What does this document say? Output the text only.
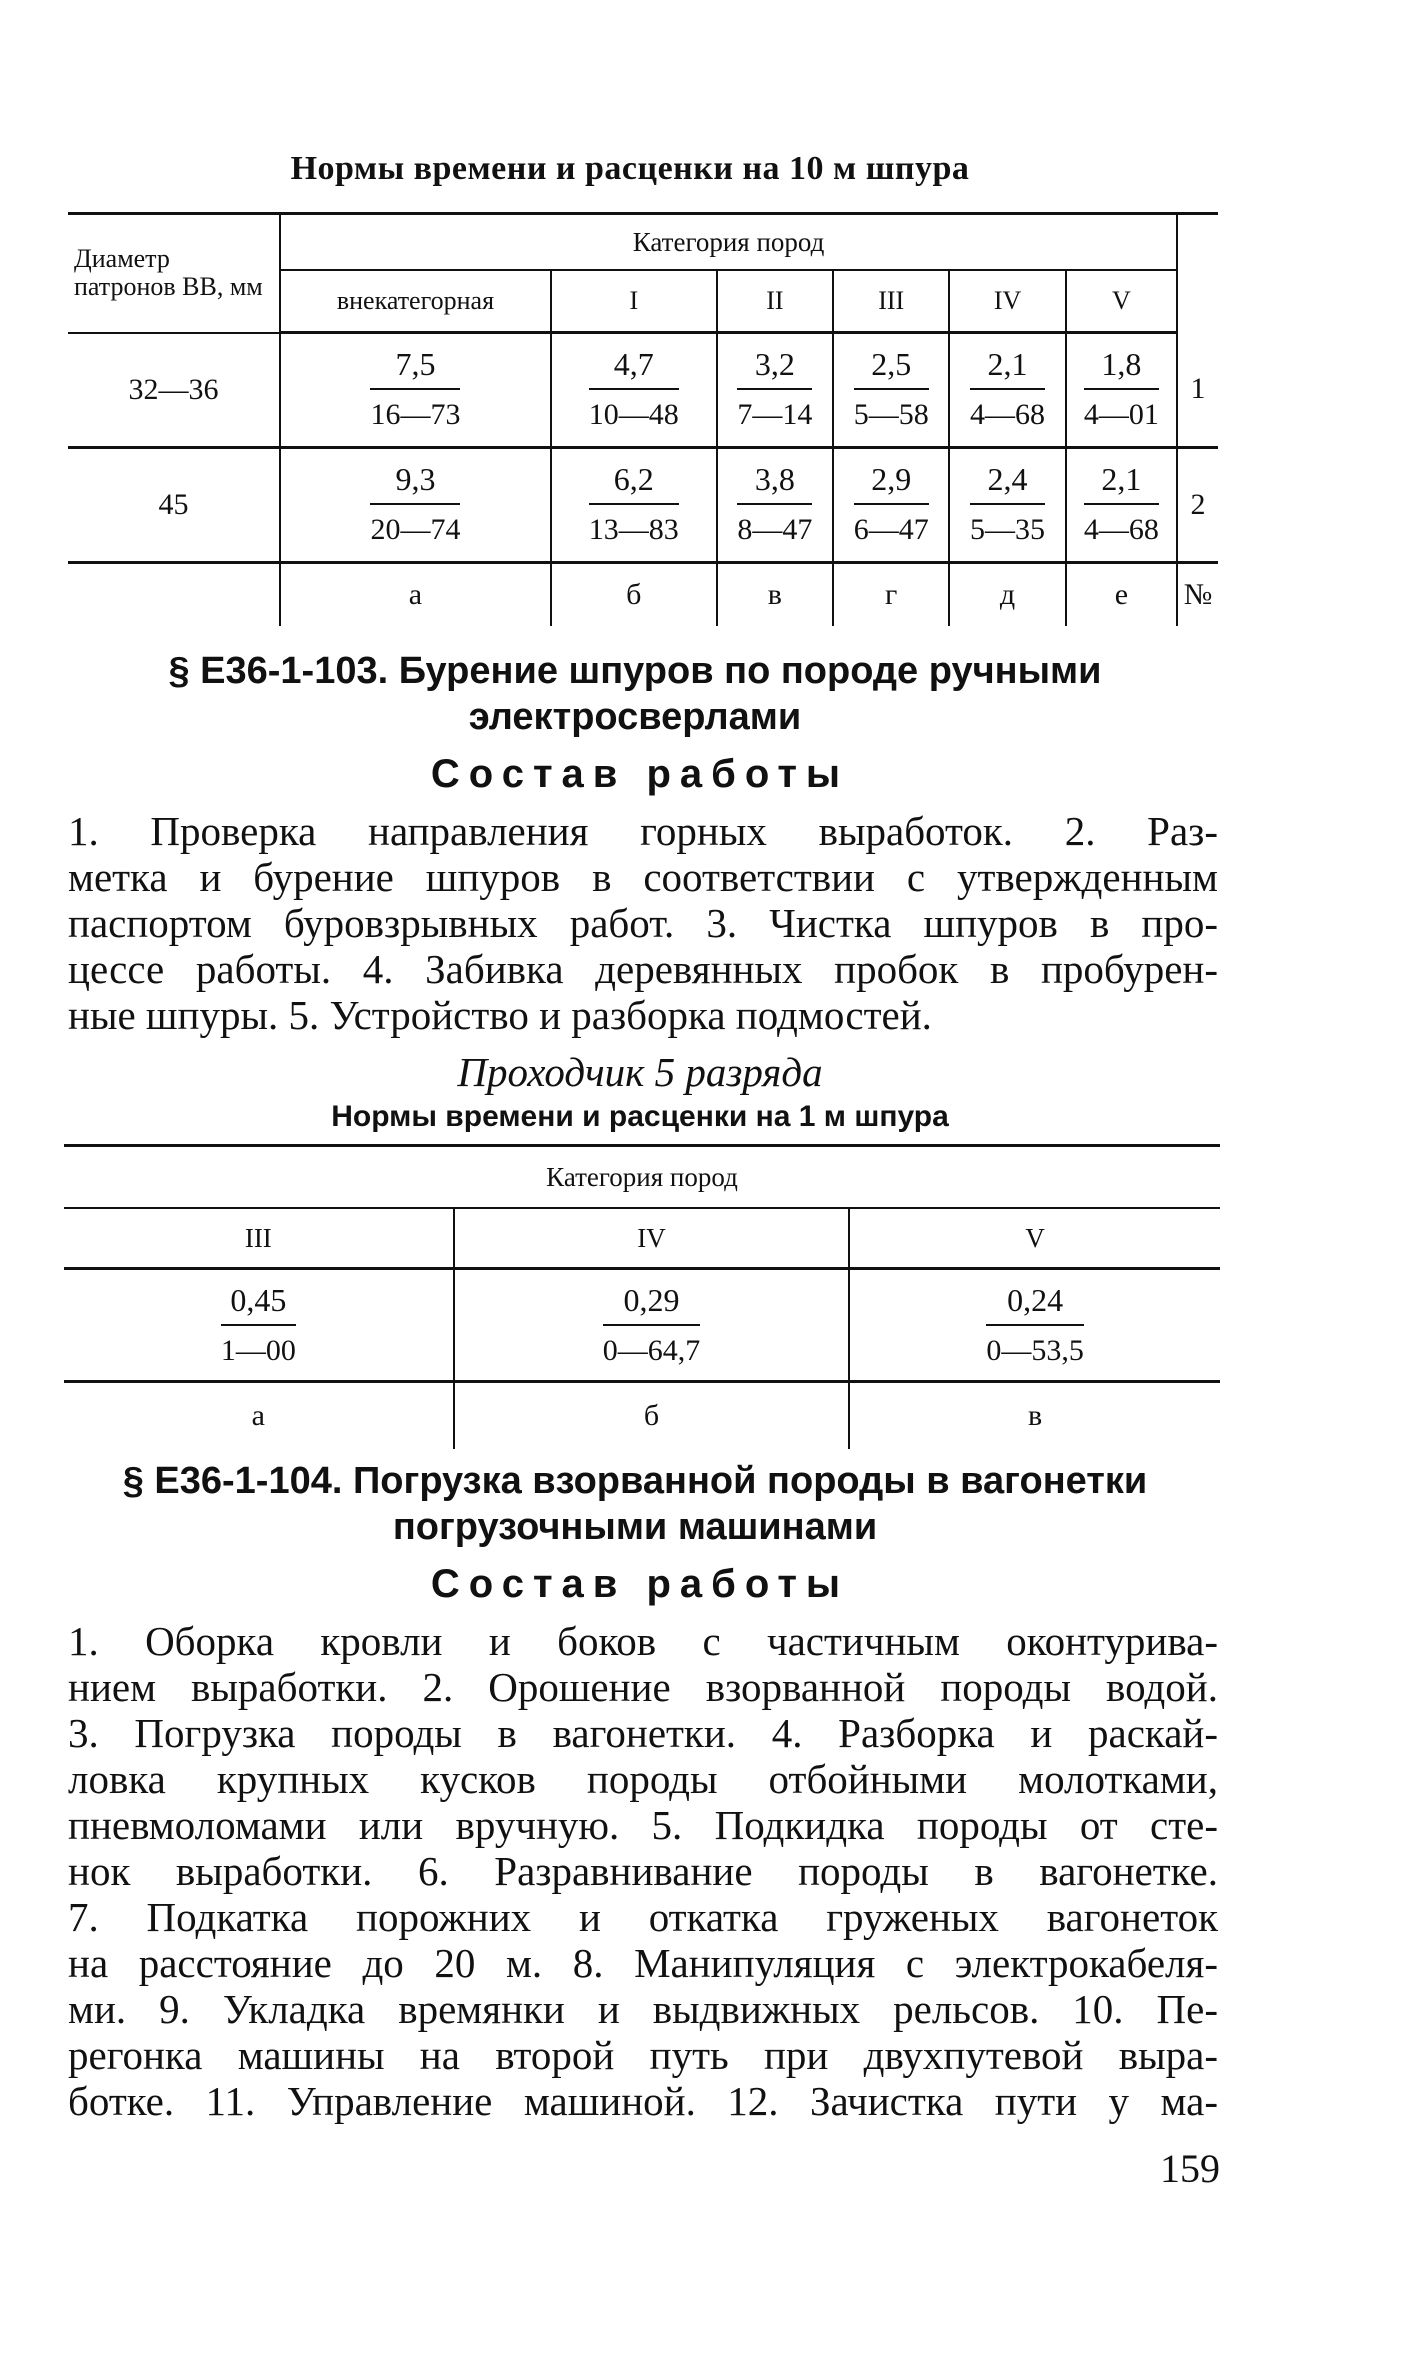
Нормы времени и расценки на 10 м шпура
Диаметр патронов ВВ, мм	Категория пород						
	внекатегорная	I	II	III	IV	V	
32—36	$\frac{7,5}{16—73}$	$\frac{4,7}{10—48}$	$\frac{3,2}{7—14}$	$\frac{2,5}{5—58}$	$\frac{2,1}{4—68}$	$\frac{1,8}{4—01}$	1
45	$\frac{9,3}{20—74}$	$\frac{6,2}{13—83}$	$\frac{3,8}{8—47}$	$\frac{2,9}{6—47}$	$\frac{2,4}{5—35}$	$\frac{2,1}{4—68}$	2
	а	б	в	г	д	е	№
§ Е36-1-103. Бурение шпуров по породе ручными
электросверлами
Состав работы
1. Проверка направления горных выработок. 2. Раз-
метка и бурение шпуров в соответствии с утвержденным
паспортом буровзрывных работ. 3. Чистка шпуров в про-
цессе работы. 4. Забивка деревянных пробок в пробурен-
ные шпуры. 5. Устройство и разборка подмостей.
Проходчик 5 разряда
Нормы времени и расценки на 1 м шпура
Категория пород		
III	IV	V

$\frac{0,45}{1—00}$	$\frac{0,29}{0—64,7}$	$\frac{0,24}{0—53,5}$

а	б	в
§ Е36-1-104. Погрузка взорванной породы в вагонетки
погрузочными машинами
Состав работы
1. Оборка кровли и боков с частичным оконтурива-
нием выработки. 2. Орошение взорванной породы водой.
3. Погрузка породы в вагонетки. 4. Разборка и раскай-
ловка крупных кусков породы отбойными молотками,
пневмоломами или вручную. 5. Подкидка породы от сте-
нок выработки. 6. Разравнивание породы в вагонетке.
7. Подкатка порожних и откатка груженых вагонеток
на расстояние до 20 м. 8. Манипуляция с электрокабеля-
ми. 9. Укладка времянки и выдвижных рельсов. 10. Пе-
регонка машины на второй путь при двухпутевой выра-
ботке. 11. Управление машиной. 12. Зачистка пути у ма-
159
